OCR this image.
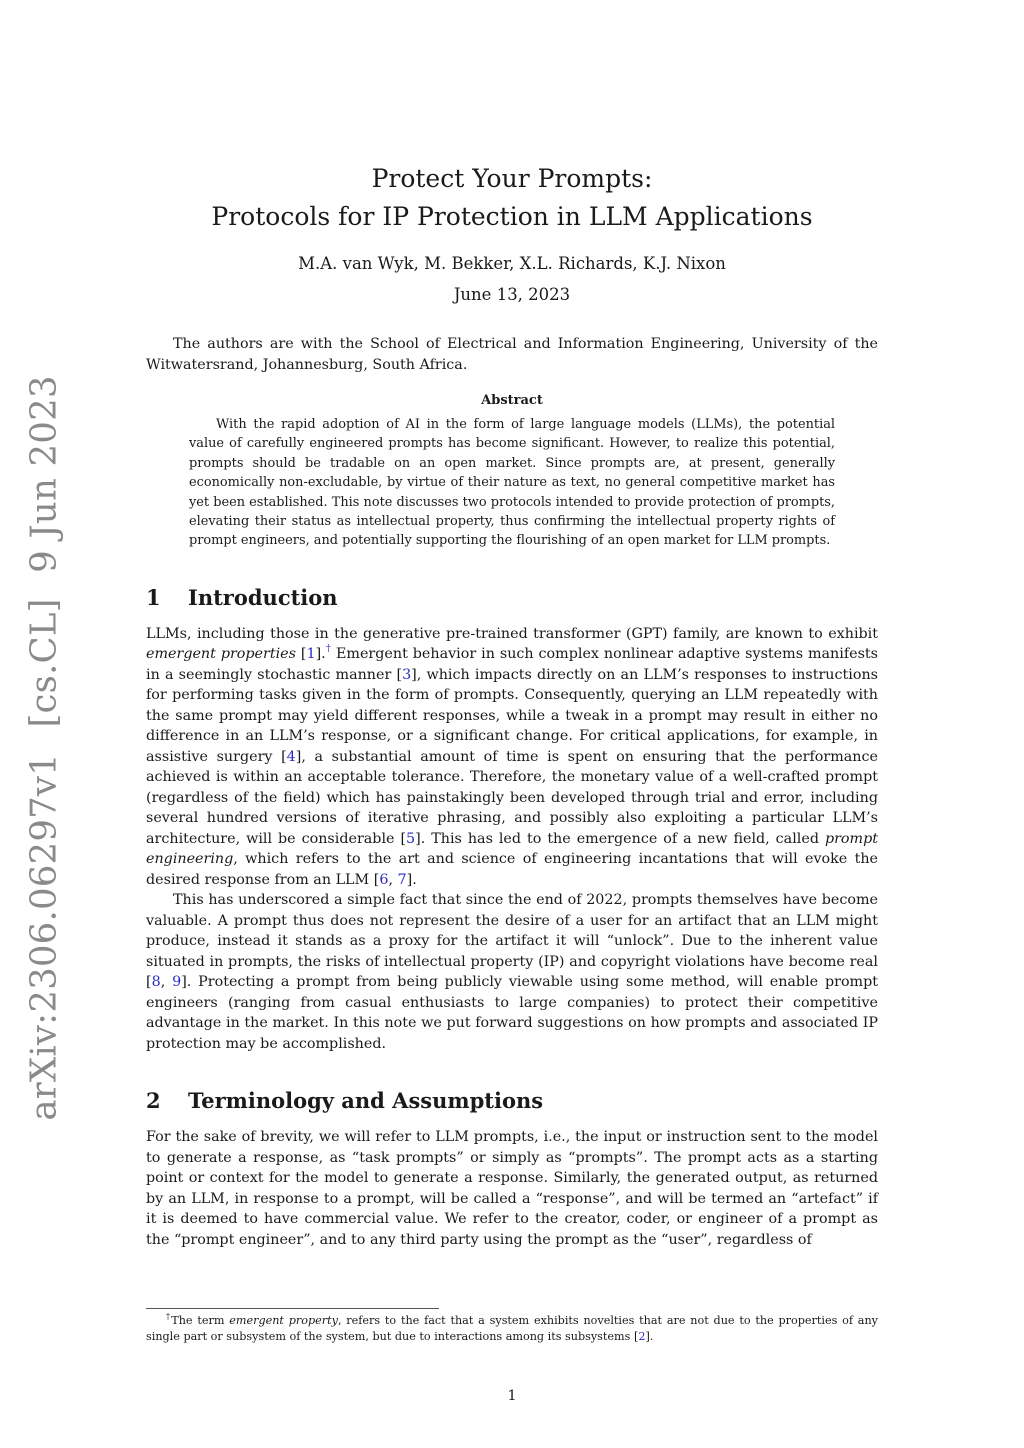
arXiv:2306.06297v1 [cs.CL] 9 Jun 2023
Protect Your Prompts:
Protocols for IP Protection in LLM Applications
M.A. van Wyk, M. Bekker, X.L. Richards, K.J. Nixon
June 13, 2023
The authors are with the School of Electrical and Information Engineering, University of the Witwatersrand, Johannesburg, South Africa.
Abstract
With the rapid adoption of AI in the form of large language models (LLMs), the potential value of carefully engineered prompts has become significant. However, to realize this potential, prompts should be tradable on an open market. Since prompts are, at present, generally economically non-excludable, by virtue of their nature as text, no general competitive market has yet been established. This note discusses two protocols intended to provide protection of prompts, elevating their status as intellectual property, thus confirming the intellectual property rights of prompt engineers, and potentially supporting the flourishing of an open market for LLM prompts.
1 Introduction

LLMs, including those in the generative pre-trained transformer (GPT) family, are known to exhibit emergent properties [1].† Emergent behavior in such complex nonlinear adaptive systems manifests in a seemingly stochastic manner [3], which impacts directly on an LLM’s responses to instructions for performing tasks given in the form of prompts. Consequently, querying an LLM repeatedly with the same prompt may yield different responses, while a tweak in a prompt may result in either no difference in an LLM’s response, or a significant change. For critical applications, for example, in assistive surgery [4], a substantial amount of time is spent on ensuring that the performance achieved is within an acceptable tolerance. Therefore, the monetary value of a well-crafted prompt (regardless of the field) which has painstakingly been developed through trial and error, including several hundred versions of iterative phrasing, and possibly also exploiting a particular LLM’s architecture, will be considerable [5]. This has led to the emergence of a new field, called prompt engineering, which refers to the art and science of engineering incantations that will evoke the desired response from an LLM [6, 7].

This has underscored a simple fact that since the end of 2022, prompts themselves have become valuable. A prompt thus does not represent the desire of a user for an artifact that an LLM might produce, instead it stands as a proxy for the artifact it will “unlock”. Due to the inherent value situated in prompts, the risks of intellectual property (IP) and copyright violations have become real [8, 9]. Protecting a prompt from being publicly viewable using some method, will enable prompt engineers (ranging from casual enthusiasts to large companies) to protect their competitive advantage in the market. In this note we put forward suggestions on how prompts and associated IP protection may be accomplished.

2 Terminology and Assumptions

For the sake of brevity, we will refer to LLM prompts, i.e., the input or instruction sent to the model to generate a response, as “task prompts” or simply as “prompts”. The prompt acts as a starting point or context for the model to generate a response. Similarly, the generated output, as returned by an LLM, in response to a prompt, will be called a “response”, and will be termed an “artefact” if it is deemed to have commercial value. We refer to the creator, coder, or engineer of a prompt as the “prompt engineer”, and to any third party using the prompt as the “user”, regardless of

†The term emergent property, refers to the fact that a system exhibits novelties that are not due to the properties of any single part or subsystem of the system, but due to interactions among its subsystems [2].
1
